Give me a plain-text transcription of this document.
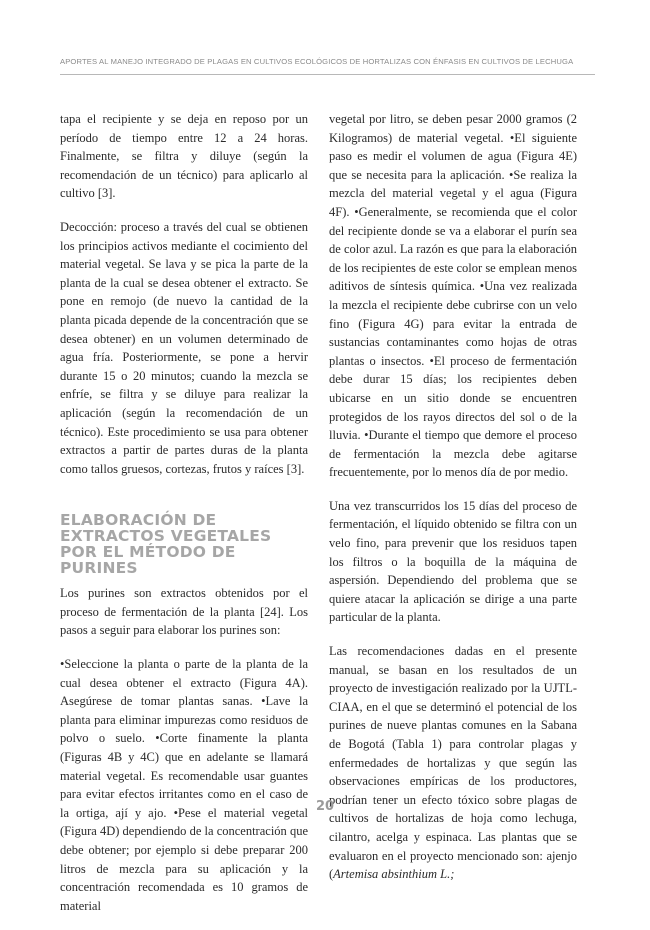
APORTES AL MANEJO INTEGRADO DE PLAGAS EN CULTIVOS ECOLÓGICOS DE HORTALIZAS CON ÉNFASIS EN CULTIVOS DE LECHUGA

tapa el recipiente y se deja en reposo por un período de tiempo entre 12 a 24 horas. Finalmente, se filtra y diluye (según la recomendación de un técnico) para aplicarlo al cultivo [3].

Decocción: proceso a través del cual se obtienen los principios activos mediante el cocimiento del material vegetal. Se lava y se pica la parte de la planta de la cual se desea obtener el extracto. Se pone en remojo (de nuevo la cantidad de la planta picada depende de la concentración que se desea obtener) en un volumen determinado de agua fría. Posteriormente, se pone a hervir durante 15 o 20 minutos; cuando la mezcla se enfríe, se filtra y se diluye para realizar la aplicación (según la recomendación de un técnico). Este procedimiento se usa para obtener extractos a partir de partes duras de la planta como tallos gruesos, cortezas, frutos y raíces [3].

ELABORACIÓN DE EXTRACTOS VEGETALES POR EL MÉTODO DE PURINES

Los purines son extractos obtenidos por el proceso de fermentación de la planta [24]. Los pasos a seguir para elaborar los purines son:

•Seleccione la planta o parte de la planta de la cual desea obtener el extracto (Figura 4A). Asegúrese de tomar plantas sanas. •Lave la planta para eliminar impurezas como residuos de polvo o suelo. •Corte finamente la planta (Figuras 4B y 4C) que en adelante se llamará material vegetal. Es recomendable usar guantes para evitar efectos irritantes como en el caso de la ortiga, ají y ajo. •Pese el material vegetal (Figura 4D) dependiendo de la concentración que debe obtener; por ejemplo si debe preparar 200 litros de mezcla para su aplicación y la concentración recomendada es 10 gramos de material

vegetal por litro, se deben pesar 2000 gramos (2 Kilogramos) de material vegetal. •El siguiente paso es medir el volumen de agua (Figura 4E) que se necesita para la aplicación. •Se realiza la mezcla del material vegetal y el agua (Figura 4F). •Generalmente, se recomienda que el color del recipiente donde se va a elaborar el purín sea de color azul. La razón es que para la elaboración de los recipientes de este color se emplean menos aditivos de síntesis química. •Una vez realizada la mezcla el recipiente debe cubrirse con un velo fino (Figura 4G) para evitar la entrada de sustancias contaminantes como hojas de otras plantas o insectos. •El proceso de fermentación debe durar 15 días; los recipientes deben ubicarse en un sitio donde se encuentren protegidos de los rayos directos del sol o de la lluvia. •Durante el tiempo que demore el proceso de fermentación la mezcla debe agitarse frecuentemente, por lo menos día de por medio.

Una vez transcurridos los 15 días del proceso de fermentación, el líquido obtenido se filtra con un velo fino, para prevenir que los residuos tapen los filtros o la boquilla de la máquina de aspersión. Dependiendo del problema que se quiere atacar la aplicación se dirige a una parte particular de la planta.

Las recomendaciones dadas en el presente manual, se basan en los resultados de un proyecto de investigación realizado por la UJTL-CIAA, en el que se determinó el potencial de los purines de nueve plantas comunes en la Sabana de Bogotá (Tabla 1) para controlar plagas y enfermedades de hortalizas y que según las observaciones empíricas de los productores, podrían tener un efecto tóxico sobre plagas de cultivos de hortalizas de hoja como lechuga, cilantro, acelga y espinaca. Las plantas que se evaluaron en el proyecto mencionado son: ajenjo (Artemisa absinthium L.;

20
